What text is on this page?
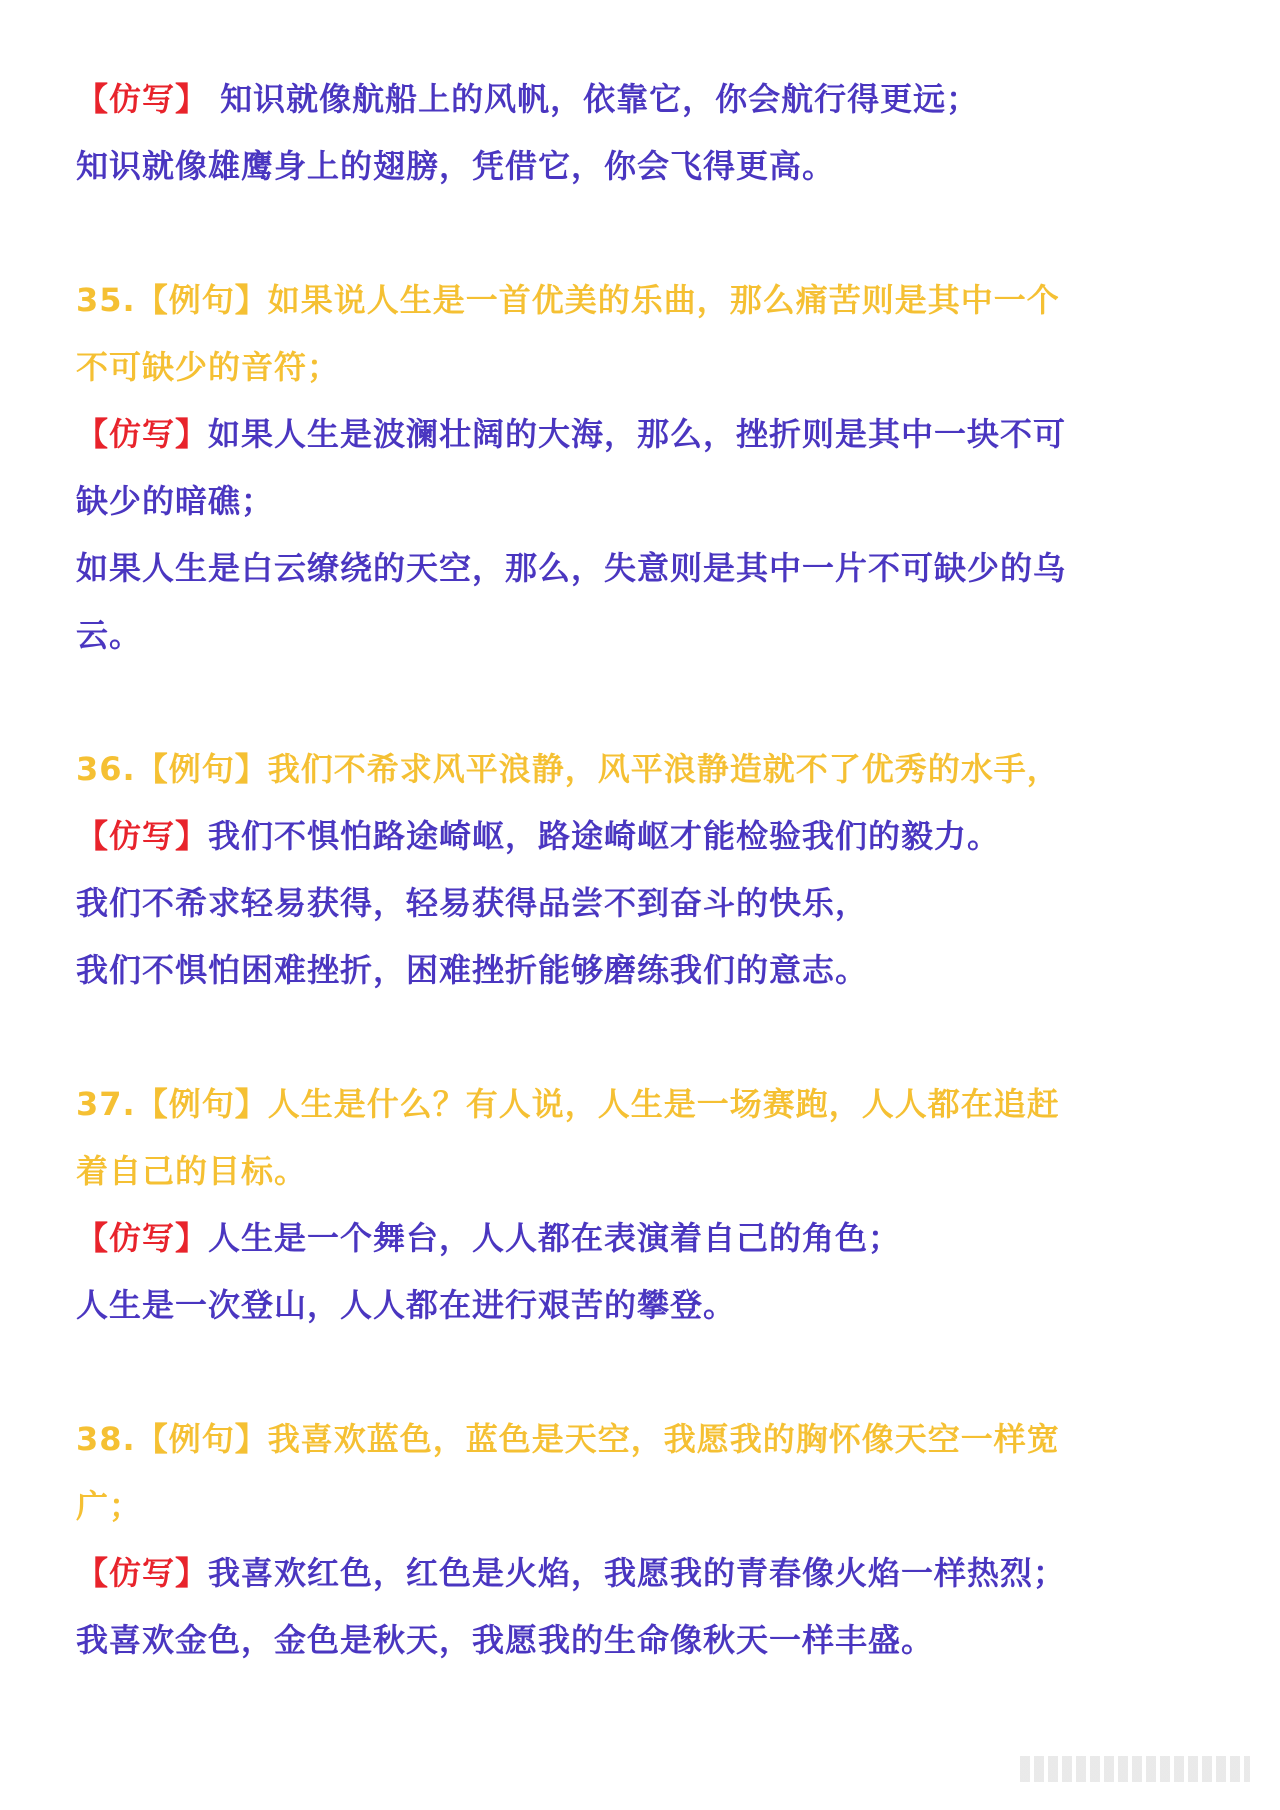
【仿写】 知识就像航船上的风帆，依靠它，你会航行得更远；
知识就像雄鹰身上的翅膀，凭借它，你会飞得更高。
35.【例句】如果说人生是一首优美的乐曲，那么痛苦则是其中一个
不可缺少的音符；
【仿写】如果人生是波澜壮阔的大海，那么，挫折则是其中一块不可
缺少的暗礁；
如果人生是白云缭绕的天空，那么，失意则是其中一片不可缺少的乌
云。
36.【例句】我们不希求风平浪静，风平浪静造就不了优秀的水手，
【仿写】我们不惧怕路途崎岖，路途崎岖才能检验我们的毅力。
我们不希求轻易获得，轻易获得品尝不到奋斗的快乐，
我们不惧怕困难挫折，困难挫折能够磨练我们的意志。
37.【例句】人生是什么？有人说，人生是一场赛跑，人人都在追赶
着自己的目标。
【仿写】人生是一个舞台，人人都在表演着自己的角色；
人生是一次登山，人人都在进行艰苦的攀登。
38.【例句】我喜欢蓝色，蓝色是天空，我愿我的胸怀像天空一样宽
广；
【仿写】我喜欢红色，红色是火焰，我愿我的青春像火焰一样热烈；
我喜欢金色，金色是秋天，我愿我的生命像秋天一样丰盛。
